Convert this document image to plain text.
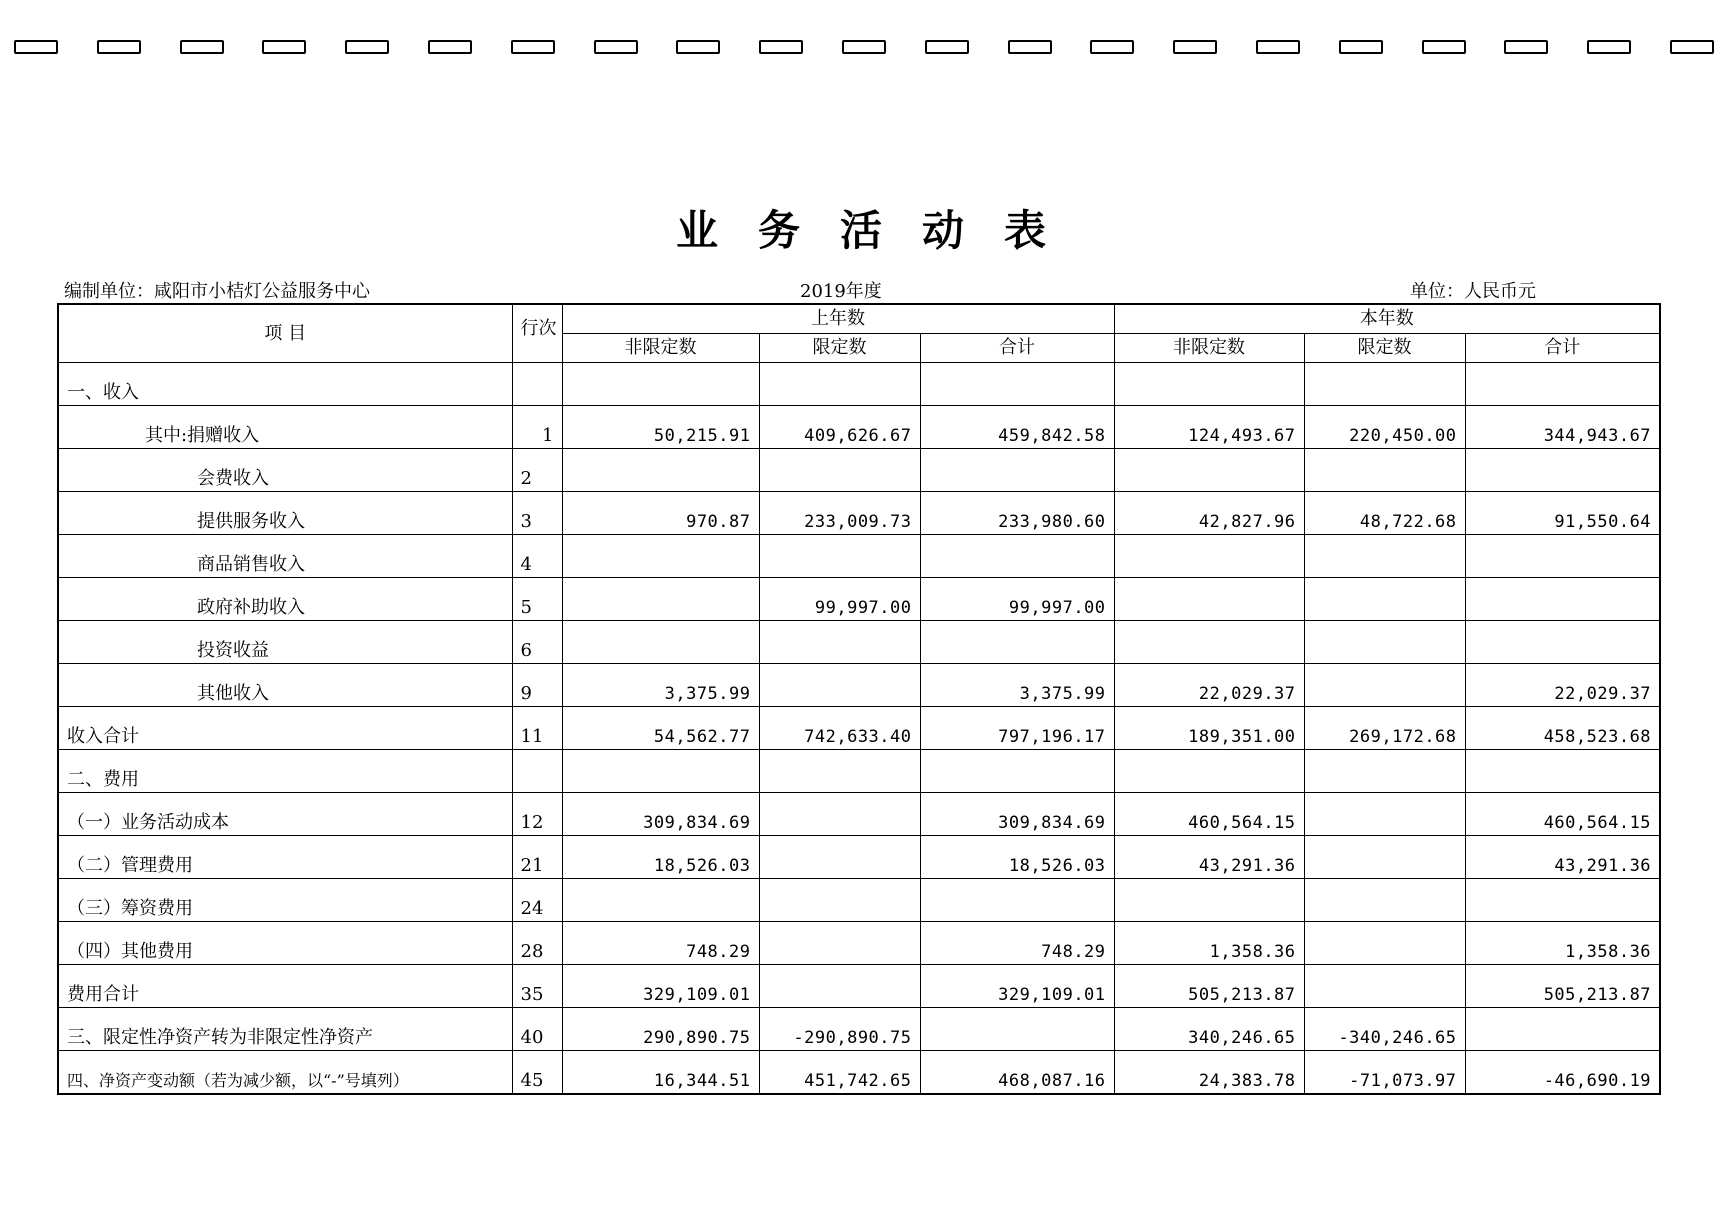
业务活动表
编制单位：咸阳市小桔灯公益服务中心	2019年度	单位：人民币元
项 目	行次	上年数			本年数		
		非限定数	限定数	合计	非限定数	限定数	合计
一、收入							
其中:捐赠收入	1	50,215.91	409,626.67	459,842.58	124,493.67	220,450.00	344,943.67
会费收入	2						
提供服务收入	3	970.87	233,009.73	233,980.60	42,827.96	48,722.68	91,550.64
商品销售收入	4						
政府补助收入	5		99,997.00	99,997.00			
投资收益	6						
其他收入	9	3,375.99		3,375.99	22,029.37		22,029.37
收入合计	11	54,562.77	742,633.40	797,196.17	189,351.00	269,172.68	458,523.68
二、费用							
（一）业务活动成本	12	309,834.69		309,834.69	460,564.15		460,564.15
（二）管理费用	21	18,526.03		18,526.03	43,291.36		43,291.36
（三）筹资费用	24						
（四）其他费用	28	748.29		748.29	1,358.36		1,358.36
费用合计	35	329,109.01		329,109.01	505,213.87		505,213.87
三、限定性净资产转为非限定性净资产	40	290,890.75	-290,890.75		340,246.65	-340,246.65	
四、净资产变动额（若为减少额，以“-”号填列）	45	16,344.51	451,742.65	468,087.16	24,383.78	-71,073.97	-46,690.19
